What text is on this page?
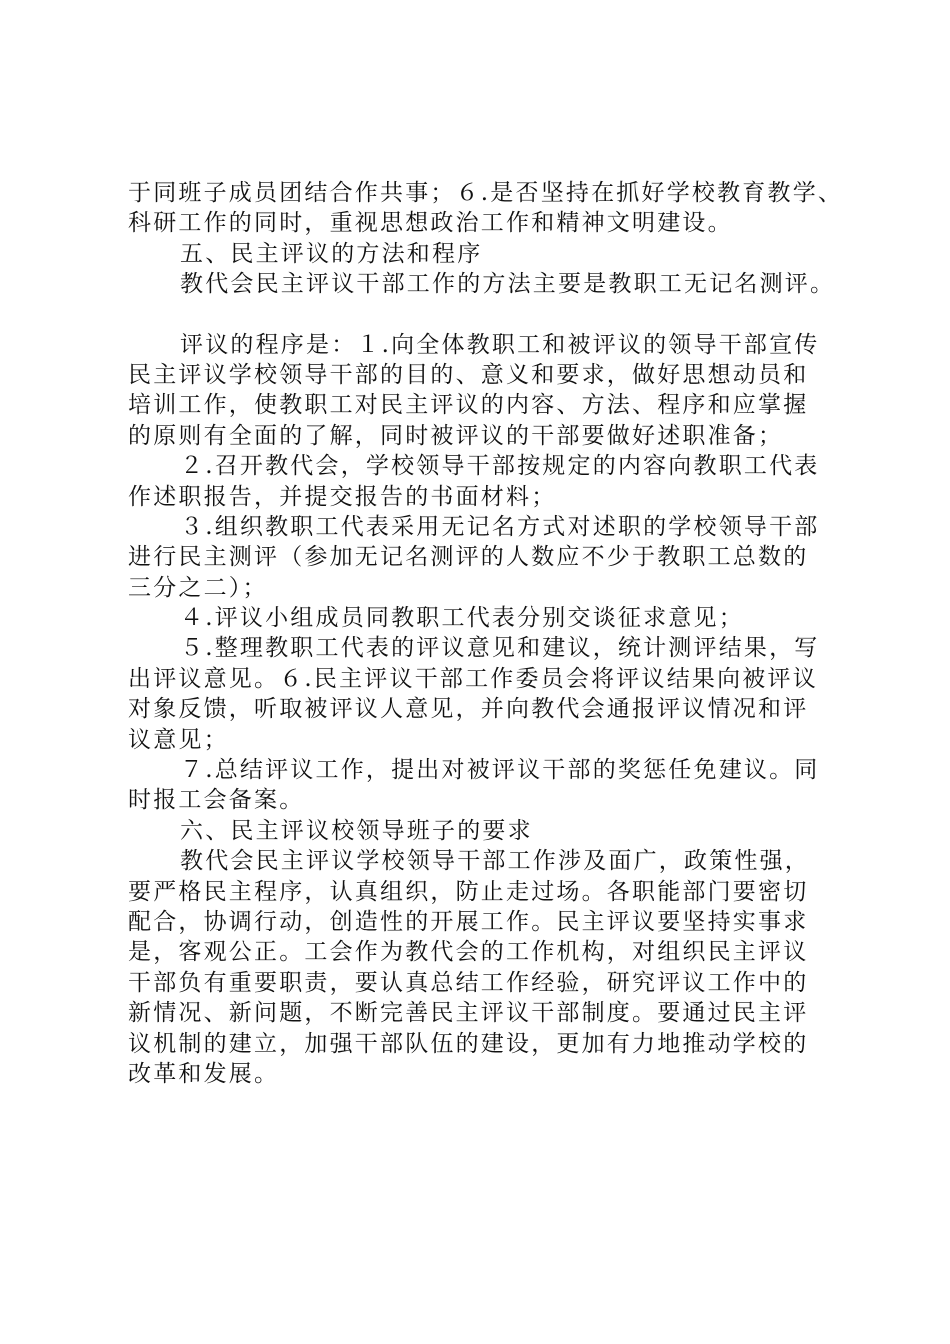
于同班子成员团结合作共事；６.是否坚持在抓好学校教育教学、
科研工作的同时，重视思想政治工作和精神文明建设。
五、民主评议的方法和程序
教代会民主评议干部工作的方法主要是教职工无记名测评。
评议的程序是：１.向全体教职工和被评议的领导干部宣传
民主评议学校领导干部的目的、意义和要求，做好思想动员和
培训工作，使教职工对民主评议的内容、方法、程序和应掌握
的原则有全面的了解，同时被评议的干部要做好述职准备；
２.召开教代会，学校领导干部按规定的内容向教职工代表
作述职报告，并提交报告的书面材料；
３.组织教职工代表采用无记名方式对述职的学校领导干部
进行民主测评（参加无记名测评的人数应不少于教职工总数的
三分之二）；
４.评议小组成员同教职工代表分别交谈征求意见；
５.整理教职工代表的评议意见和建议，统计测评结果，写
出评议意见。６.民主评议干部工作委员会将评议结果向被评议
对象反馈，听取被评议人意见，并向教代会通报评议情况和评
议意见；
７.总结评议工作，提出对被评议干部的奖惩任免建议。同
时报工会备案。
六、民主评议校领导班子的要求
教代会民主评议学校领导干部工作涉及面广，政策性强，
要严格民主程序，认真组织，防止走过场。各职能部门要密切
配合，协调行动，创造性的开展工作。民主评议要坚持实事求
是，客观公正。工会作为教代会的工作机构，对组织民主评议
干部负有重要职责，要认真总结工作经验，研究评议工作中的
新情况、新问题，不断完善民主评议干部制度。要通过民主评
议机制的建立，加强干部队伍的建设，更加有力地推动学校的
改革和发展。
